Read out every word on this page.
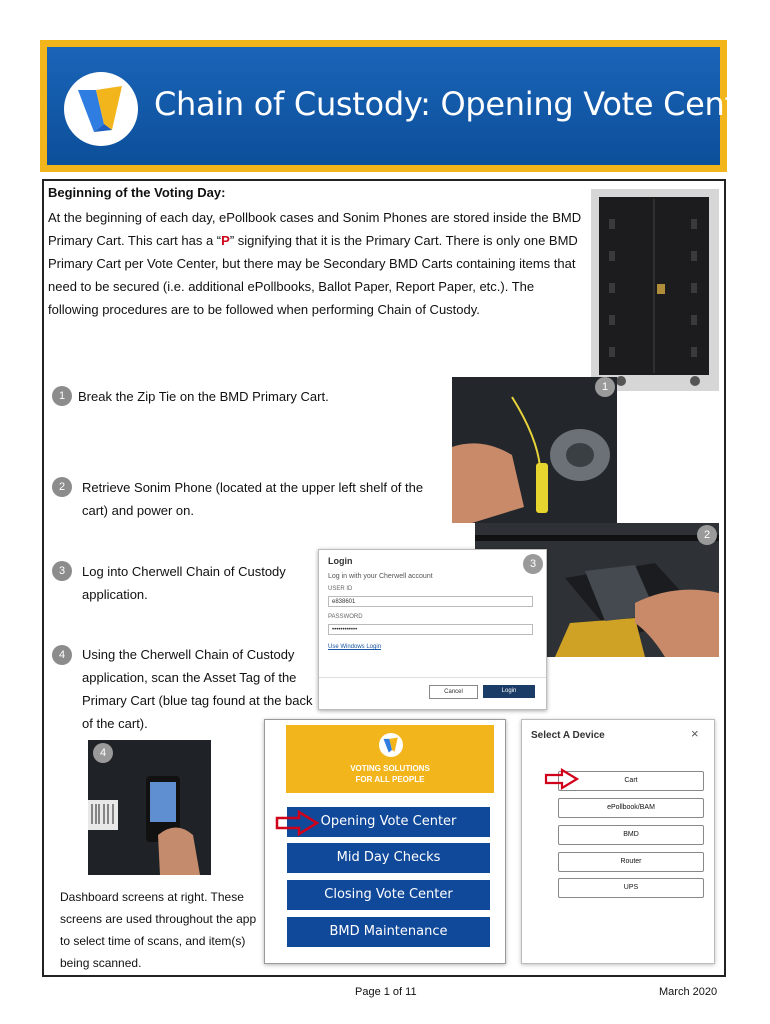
Chain of Custody: Opening Vote Center
Beginning of the Voting Day:
At the beginning of each day, ePollbook cases and Sonim Phones are stored inside the BMD Primary Cart. This cart has a “P” signifying that it is the Primary Cart. There is only one BMD Primary Cart per Vote Center, but there may be Secondary BMD Carts containing items that need to be secured (i.e. additional ePollbooks, Ballot Paper, Report Paper, etc.). The following procedures are to be followed when performing Chain of Custody.
1 Break the Zip Tie on the BMD Primary Cart.
1
2	Retrieve Sonim Phone (located at the upper left shelf of the cart) and power on.
2
3	Log into Cherwell Chain of Custody application.
Login
Log in with your Cherwell account
USER ID
e838601
PASSWORD
••••••••••••
Use Windows Login
Cancel	Login
3
4	Using the Cherwell Chain of Custody application, scan the Asset Tag of the Primary Cart (blue tag found at the back of the cart).
4
VOTING SOLUTIONS
FOR ALL PEOPLE
Opening Vote Center
Mid Day Checks
Closing Vote Center
BMD Maintenance
Select A Device	×
Cart
ePollbook/BAM
BMD
Router
UPS
Dashboard screens at right. These screens are used throughout the app to select time of scans, and item(s) being scanned.
Page 1 of 11	March 2020
